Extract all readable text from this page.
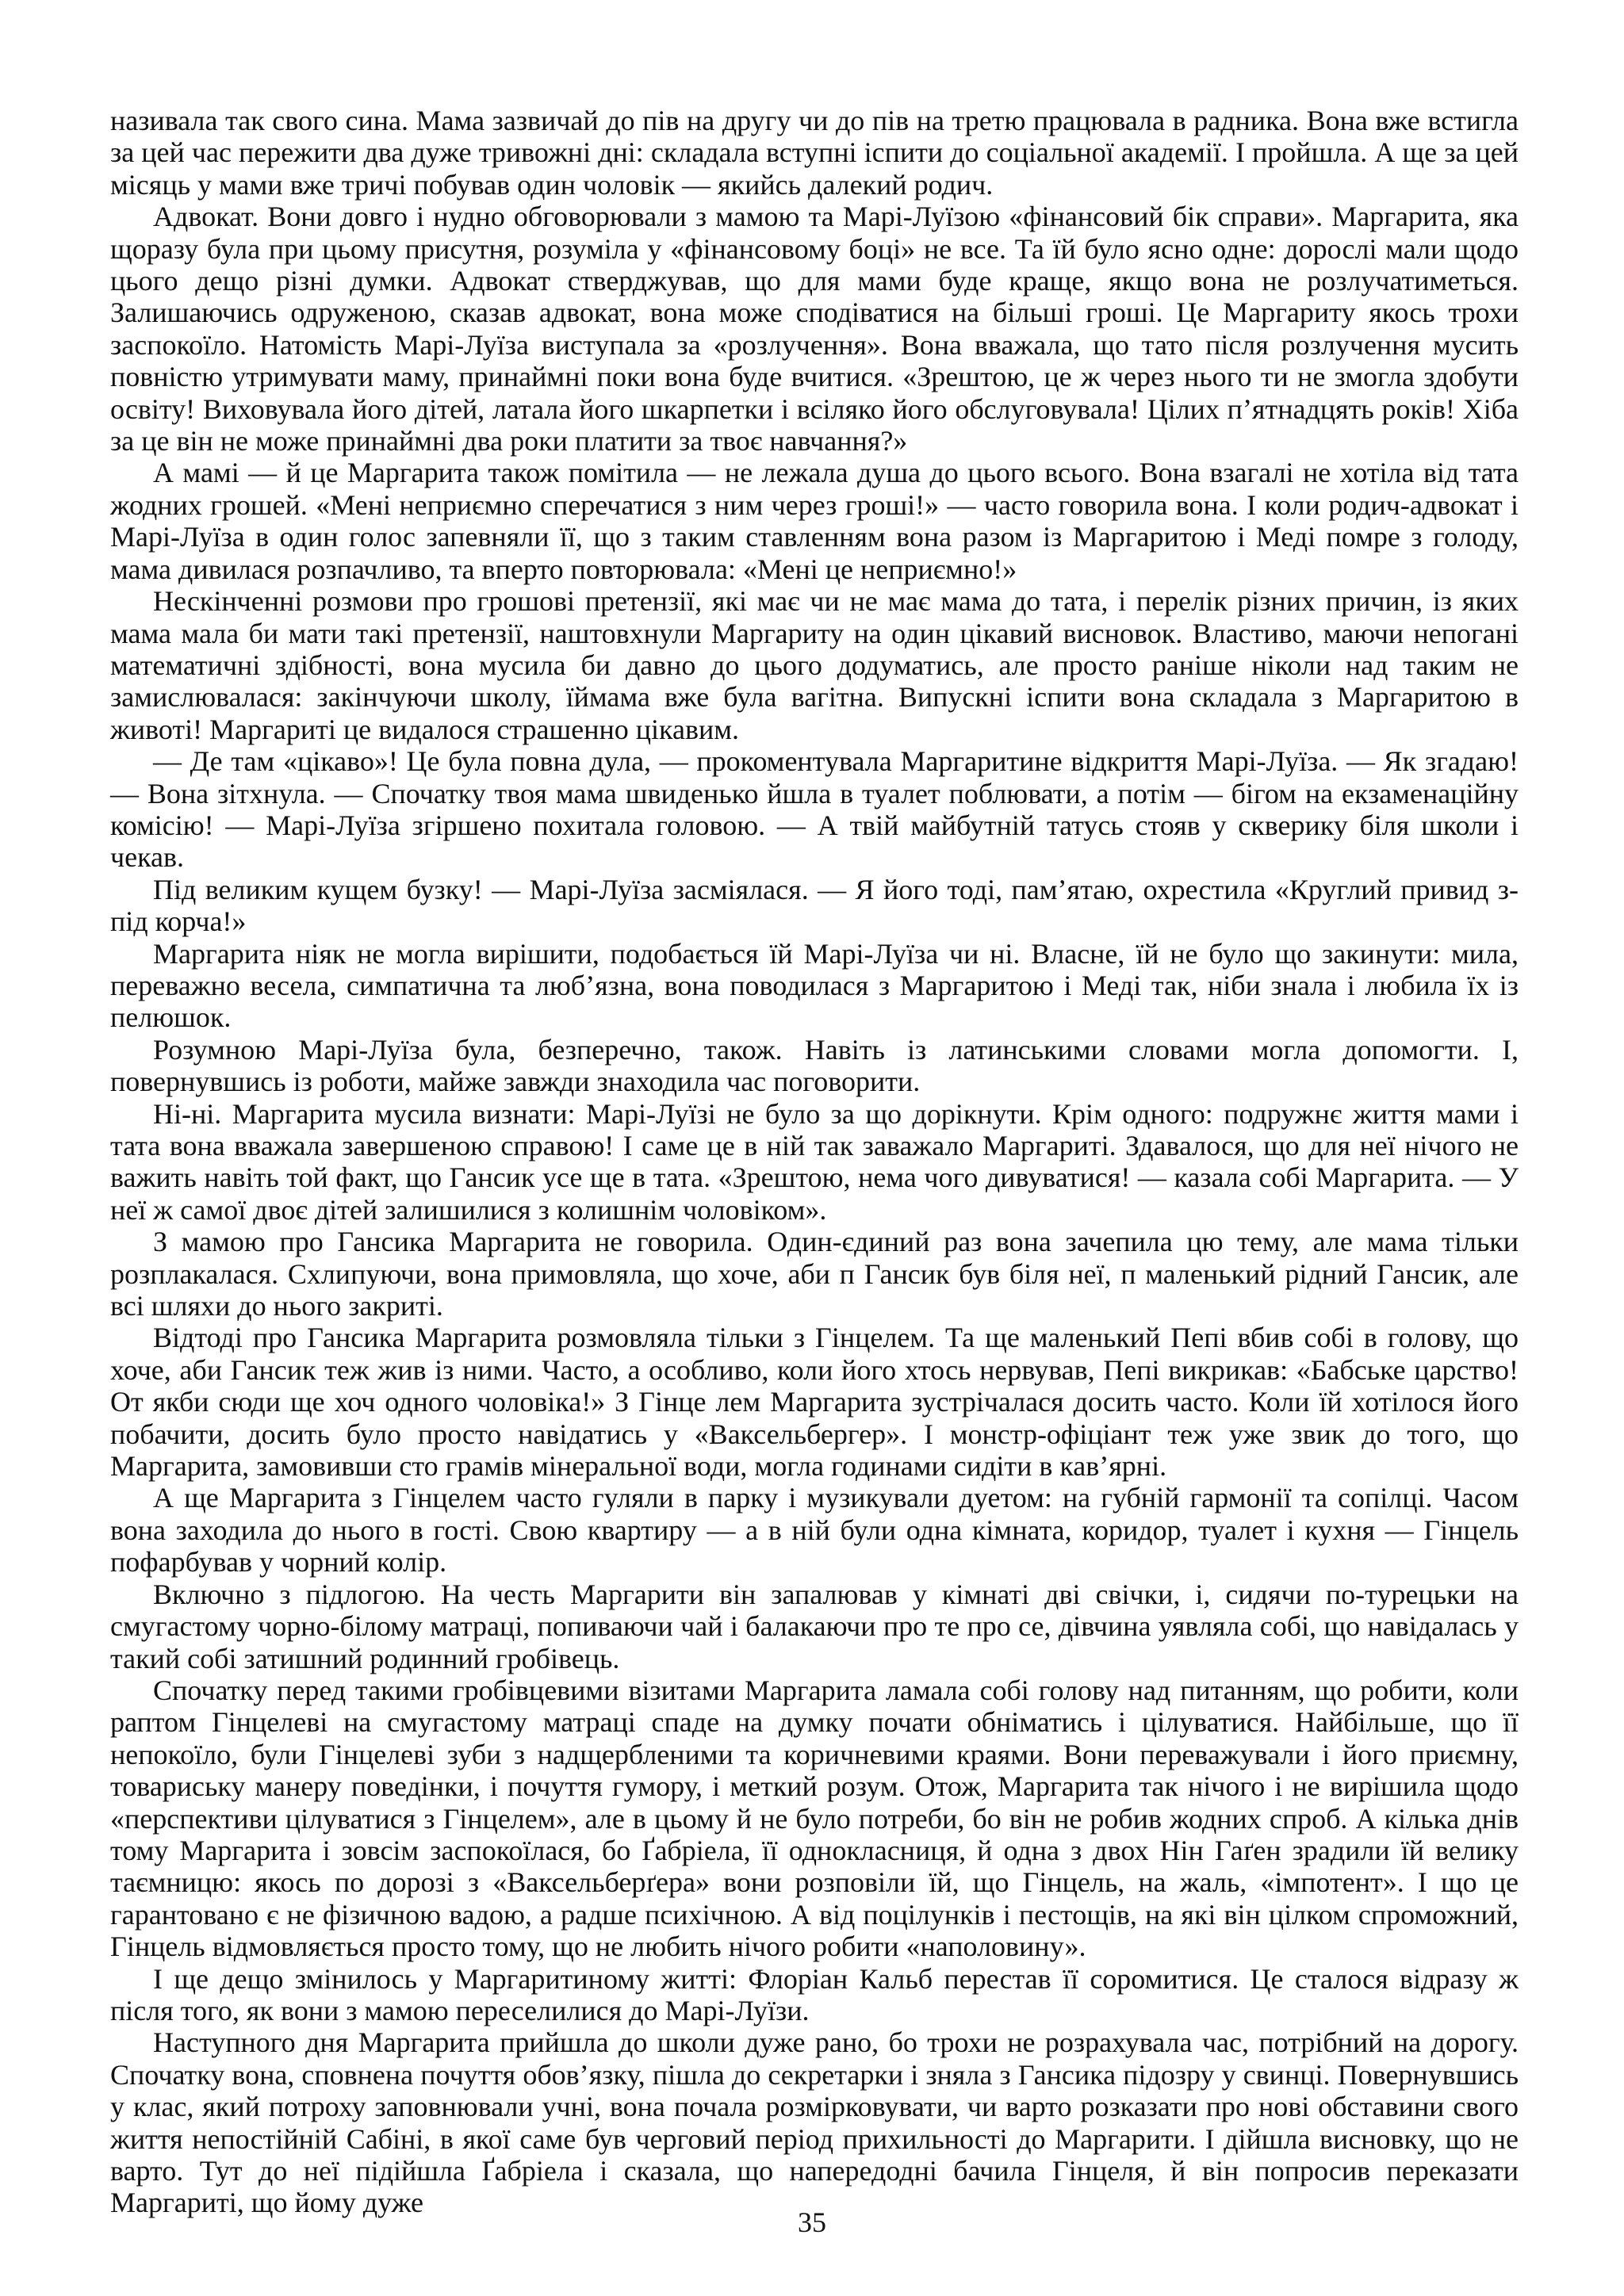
називала так свого сина. Мама зазвичай до пів на другу чи до пів на третю працювала в радника. Вона вже встигла за цей час пережити два дуже тривожні дні: складала вступні іспити до соціальної академії. І пройшла. А ще за цей місяць у мами вже тричі побував один чоловік — якийсь далекий родич.

Адвокат. Вони довго і нудно обговорювали з мамою та Марі-Луїзою «фінансовий бік справи». Маргарита, яка щоразу була при цьому присутня, розуміла у «фінансовому боці» не все. Та їй було ясно одне: дорослі мали щодо цього дещо різні думки. Адвокат стверджував, що для мами буде краще, якщо вона не розлучатиметься. Залишаючись одруженою, сказав адвокат, вона може сподіватися на більші гроші. Це Маргариту якось трохи заспокоїло. Натомість Марі-Луїза виступала за «розлучення». Вона вважала, що тато після розлучення мусить повністю утримувати маму, принаймні поки вона буде вчитися. «Зрештою, це ж через нього ти не змогла здобути освіту! Виховувала його дітей, латала його шкарпетки і всіляко його обслуговувала! Цілих п’ятнадцять років! Хіба за це він не може принаймні два роки платити за твоє навчання?»

А мамі — й це Маргарита також помітила — не лежала душа до цього всього. Вона взагалі не хотіла від тата жодних грошей. «Мені неприємно сперечатися з ним через гроші!» — часто говорила вона. І коли родич-адвокат і Марі-Луїза в один голос запевняли її, що з таким ставленням вона разом із Маргаритою і Меді помре з голоду, мама дивилася розпачливо, та вперто повторювала: «Мені це неприємно!»

Нескінченні розмови про грошові претензії, які має чи не має мама до тата, і перелік різних причин, із яких мама мала би мати такі претензії, наштовхнули Маргариту на один цікавий висновок. Властиво, маючи непогані математичні здібності, вона мусила би давно до цього додуматись, але просто раніше ніколи над таким не замислювалася: закінчуючи школу, їймама вже була вагітна. Випускні іспити вона складала з Маргаритою в животі! Маргариті це видалося страшенно цікавим.

— Де там «цікаво»! Це була повна дула, — прокоментувала Маргаритине відкриття Марі-Луїза. — Як згадаю! — Вона зітхнула. — Спочатку твоя мама швиденько йшла в туалет поблювати, а потім — бігом на екзаменаційну комісію! — Марі-Луїза згіршено похитала головою. — А твій майбутній татусь стояв у скверику біля школи і чекав.

Під великим кущем бузку! — Марі-Луїза засміялася. — Я його тоді, пам’ятаю, охрестила «Круглий привид з-під корча!»

Маргарита ніяк не могла вирішити, подобається їй Марі-Луїза чи ні. Власне, їй не було що закинути: мила, переважно весела, симпатична та люб’язна, вона поводилася з Маргаритою і Меді так, ніби знала і любила їх із пелюшок.

Розумною Марі-Луїза була, безперечно, також. Навіть із латинськими словами могла допомогти. І, повернувшись із роботи, майже завжди знаходила час поговорити.

Ні-ні. Маргарита мусила визнати: Марі-Луїзі не було за що дорікнути. Крім одного: подружнє життя мами і тата вона вважала завершеною справою! І саме це в ній так заважало Маргариті. Здавалося, що для неї нічого не важить навіть той факт, що Гансик усе ще в тата. «Зрештою, нема чого дивуватися! — казала собі Маргарита. — У неї ж самої двоє дітей залишилися з колишнім чоловіком».

З мамою про Гансика Маргарита не говорила. Один-єдиний раз вона зачепила цю тему, але мама тільки розплакалася. Схлипуючи, вона примовляла, що хоче, аби п Гансик був біля неї, п маленький рідний Гансик, але всі шляхи до нього закриті.

Відтоді про Гансика Маргарита розмовляла тільки з Гінцелем. Та ще маленький Пепі вбив собі в голову, що хоче, аби Гансик теж жив із ними. Часто, а особливо, коли його хтось нервував, Пепі викрикав: «Бабське царство! От якби сюди ще хоч одного чоловіка!» З Гінце лем Маргарита зустрічалася досить часто. Коли їй хотілося його побачити, досить було просто навідатись у «Ваксельбергер». І монстр-офіціант теж уже звик до того, що Маргарита, замовивши сто грамів мінеральної води, могла годинами сидіти в кав’ярні.

А ще Маргарита з Гінцелем часто гуляли в парку і музикували дуетом: на губній гармонії та сопілці. Часом вона заходила до нього в гості. Свою квартиру — а в ній були одна кімната, коридор, туалет і кухня — Гінцель пофарбував у чорний колір.

Включно з підлогою. На честь Маргарити він запалював у кімнаті дві свічки, і, сидячи по-турецьки на смугастому чорно-білому матраці, попиваючи чай і балакаючи про те про се, дівчина уявляла собі, що навідалась у такий собі затишний родинний гробівець.

Спочатку перед такими гробівцевими візитами Маргарита ламала собі голову над питанням, що робити, коли раптом Гінцелеві на смугастому матраці спаде на думку почати обніматись і цілуватися. Найбільше, що її непокоїло, були Гінцелеві зуби з надщербленими та коричневими краями. Вони переважували і його приємну, товариську манеру поведінки, і почуття гумору, і меткий розум. Отож, Маргарита так нічого і не вирішила щодо «перспективи цілуватися з Гінцелем», але в цьому й не було потреби, бо він не робив жодних спроб. А кілька днів тому Маргарита і зовсім заспокоїлася, бо Ґабріела, її однокласниця, й одна з двох Нін Гаґен зрадили їй велику таємницю: якось по дорозі з «Ваксельберґера» вони розповіли їй, що Гінцель, на жаль, «імпотент». І що це гарантовано є не фізичною вадою, а радше психічною. А від поцілунків і пестощів, на які він цілком спроможний, Гінцель відмовляється просто тому, що не любить нічого робити «наполовину».

І ще дещо змінилось у Маргаритиному житті: Флоріан Кальб перестав її соромитися. Це сталося відразу ж після того, як вони з мамою переселилися до Марі-Луїзи.

Наступного дня Маргарита прийшла до школи дуже рано, бо трохи не розрахувала час, потрібний на дорогу. Спочатку вона, сповнена почуття обов’язку, пішла до секретарки і зняла з Гансика підозру у свинці. Повернувшись у клас, який потроху заповнювали учні, вона почала розмірковувати, чи варто розказати про нові обставини свого життя непостійній Сабіні, в якої саме був черговий період прихильності до Маргарити. І дійшла висновку, що не варто. Тут до неї підійшла Ґабріела і сказала, що напередодні бачила Гінцеля, й він попросив переказати Маргариті, що йому дуже

35
